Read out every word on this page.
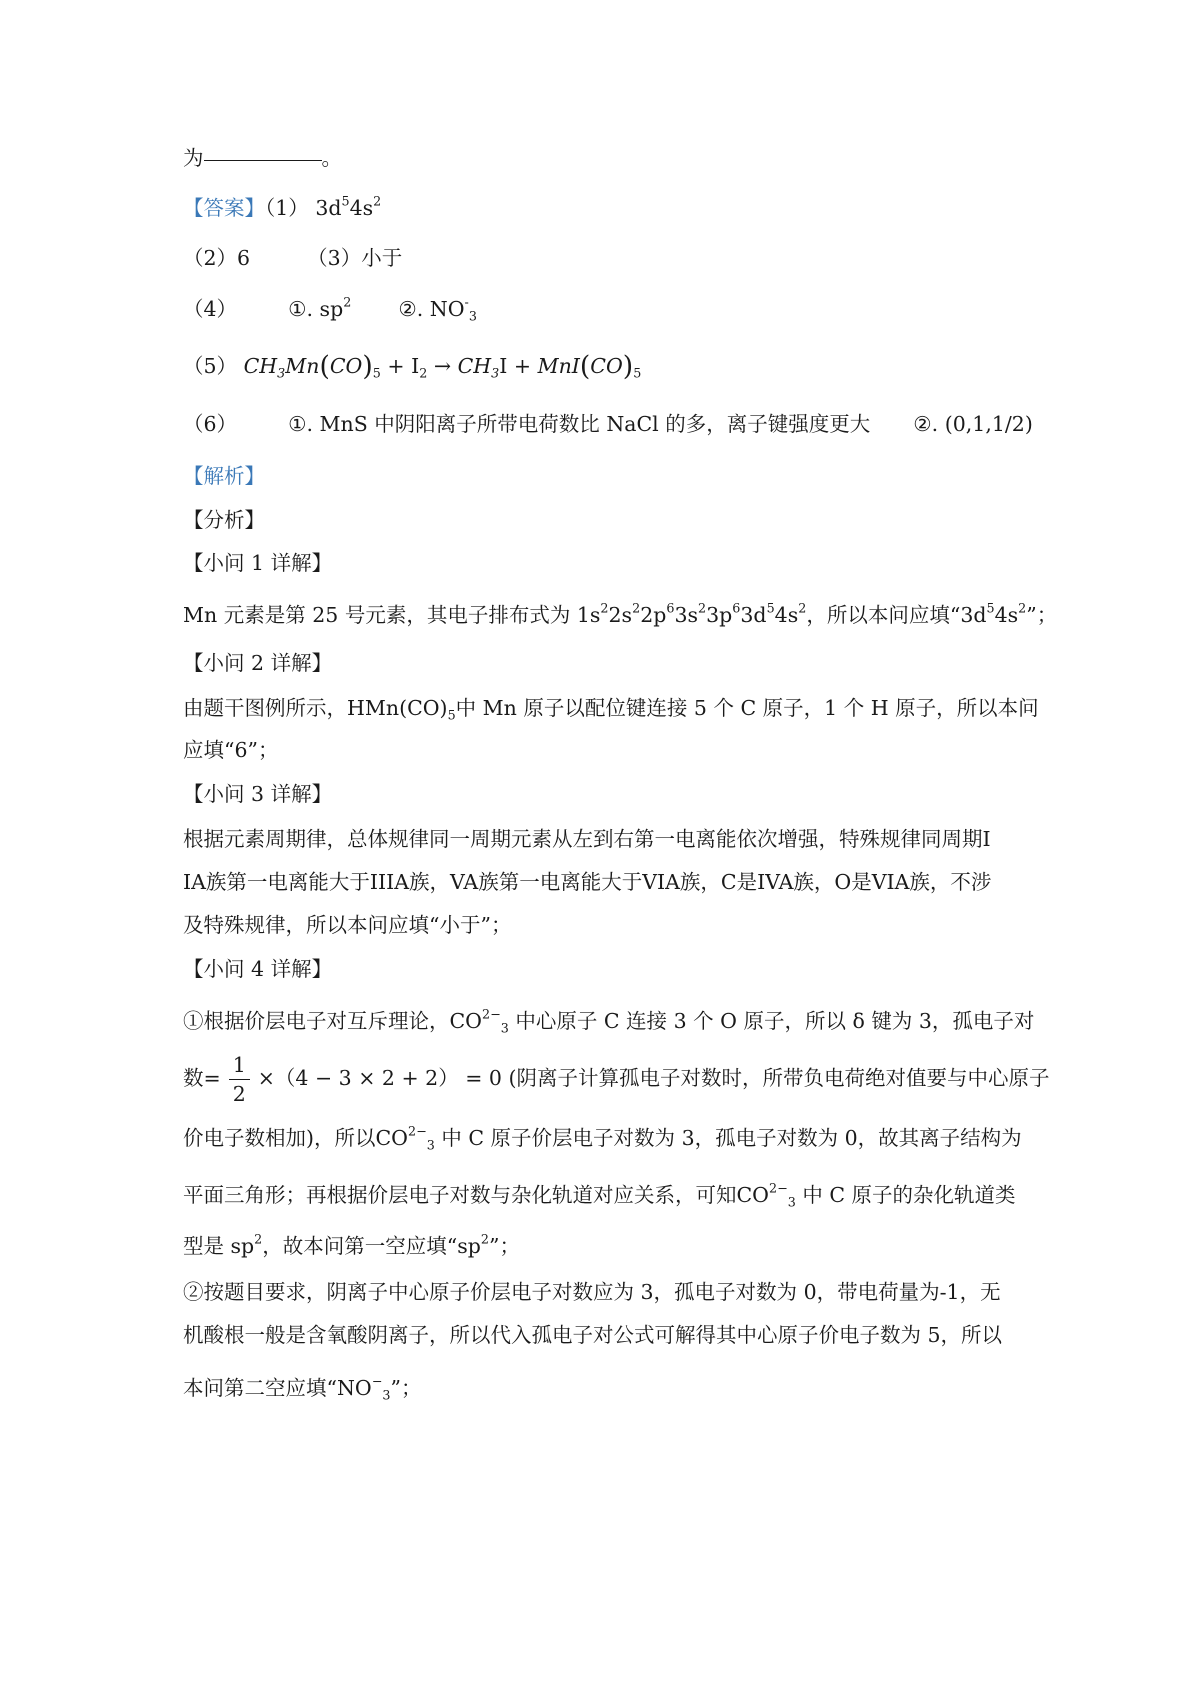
为	。
【答案】（1） $3d^54s^2$
（2）6	（3）小于
（4） ①. $sp^2$ ②. $NO^-_3$
（5） $CH_3Mn(CO)_5 + I_2 \to CH_3I + MnI(CO)_5$
（6） ①. MnS 中阴阳离子所带电荷数比 NaCl 的多，离子键强度更大 ②. (0,1,1/2)
【解析】
【分析】
【小问 1 详解】
Mn 元素是第 25 号元素，其电子排布式为 $1s^22s^22p^63s^23p^63d^54s^2$，所以本问应填“$3d^54s^2$”；
【小问 2 详解】
由题干图例所示，$HMn(CO)_5$中 Mn 原子以配位键连接 5 个 C 原子，1 个 H 原子，所以本问
应填“6”；
【小问 3 详解】
根据元素周期律，总体规律同一周期元素从左到右第一电离能依次增强，特殊规律同周期I
IA族第一电离能大于IIIA族，VA族第一电离能大于VIA族，C是IVA族，O是VIA族，不涉
及特殊规律，所以本问应填“小于”；
【小问 4 详解】
①根据价层电子对互斥理论，$CO^{2-}_3$ 中心原子 C 连接 3 个 O 原子，所以 δ 键为 3，孤电子对
数= $\frac{1}{2} \times(4 - 3 \times 2 + 2) = 0$ (阴离子计算孤电子对数时，所带负电荷绝对值要与中心原子
价电子数相加)，所以$CO^{2-}_3$ 中 C 原子价层电子对数为 3，孤电子对数为 0，故其离子结构为
平面三角形；再根据价层电子对数与杂化轨道对应关系，可知$CO^{2-}_3$ 中 C 原子的杂化轨道类
型是 $sp^2$，故本问第一空应填“$sp^2$”；
②按题目要求，阴离子中心原子价层电子对数应为 3，孤电子对数为 0，带电荷量为-1，无
机酸根一般是含氧酸阴离子，所以代入孤电子对公式可解得其中心原子价电子数为 5，所以
本问第二空应填“$NO^-_3$”；
